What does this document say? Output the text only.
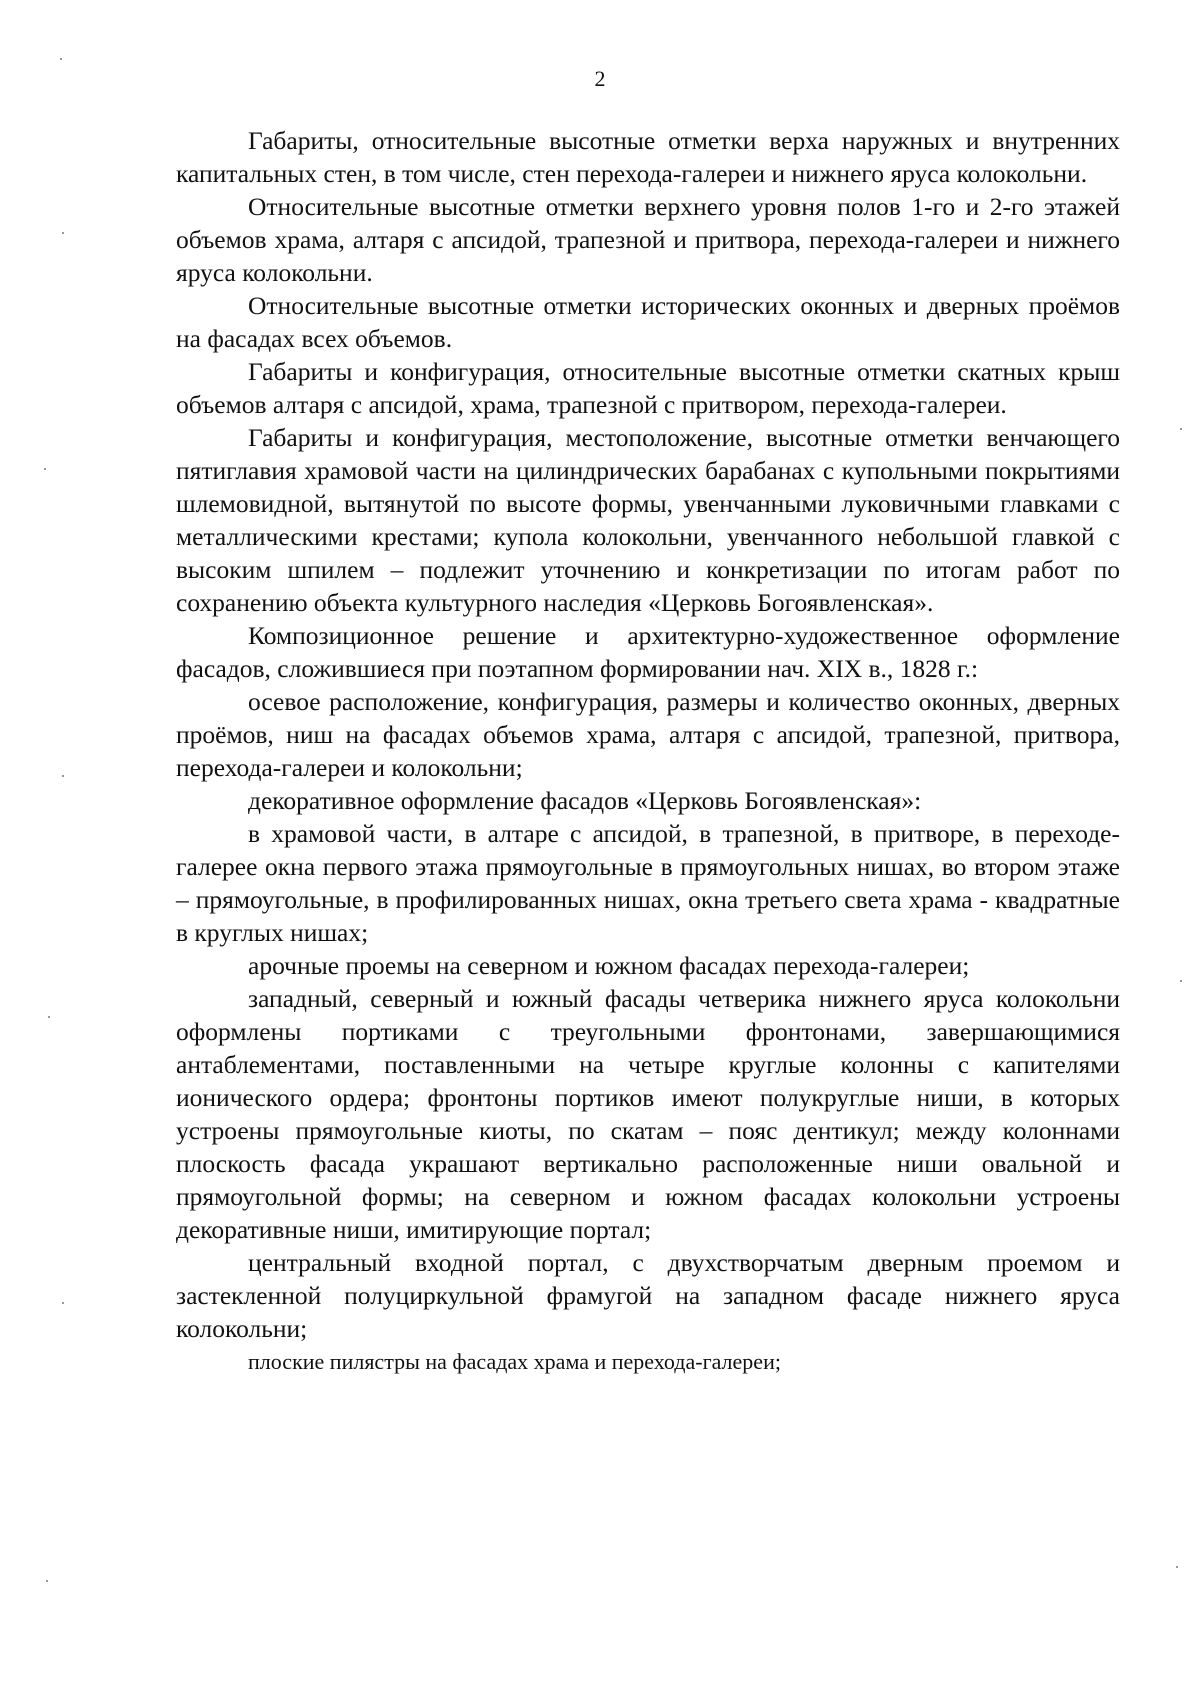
2

Габариты, относительные высотные отметки верха наружных и внутренних капитальных стен, в том числе, стен перехода-галереи и нижнего яруса колокольни.

Относительные высотные отметки верхнего уровня полов 1-го и 2-го этажей объемов храма, алтаря с апсидой, трапезной и притвора, перехода-галереи и нижнего яруса колокольни.

Относительные высотные отметки исторических оконных и дверных проёмов на фасадах всех объемов.

Габариты и конфигурация, относительные высотные отметки скатных крыш объемов алтаря с апсидой, храма, трапезной с притвором, перехода-галереи.

Габариты и конфигурация, местоположение, высотные отметки венчающего пятиглавия храмовой части на цилиндрических барабанах с купольными покрытиями шлемовидной, вытянутой по высоте формы, увенчанными луковичными главками с металлическими крестами; купола колокольни, увенчанного небольшой главкой с высоким шпилем – подлежит уточнению и конкретизации по итогам работ по сохранению объекта культурного наследия «Церковь Богоявленская».

Композиционное решение и архитектурно-художественное оформление фасадов, сложившиеся при поэтапном формировании нач. XIX в., 1828 г.:

осевое расположение, конфигурация, размеры и количество оконных, дверных проёмов, ниш на фасадах объемов храма, алтаря с апсидой, трапезной, притвора, перехода-галереи и колокольни;

декоративное оформление фасадов «Церковь Богоявленская»:

в храмовой части, в алтаре с апсидой, в трапезной, в притворе, в переходе-галерее окна первого этажа прямоугольные в прямоугольных нишах, во втором этаже – прямоугольные, в профилированных нишах, окна третьего света храма - квадратные в круглых нишах;

арочные проемы на северном и южном фасадах перехода-галереи;

западный, северный и южный фасады четверика нижнего яруса колокольни оформлены портиками с треугольными фронтонами, завершающимися антаблементами, поставленными на четыре круглые колонны с капителями ионического ордера; фронтоны портиков имеют полукруглые ниши, в которых устроены прямоугольные киоты, по скатам – пояс дентикул; между колоннами плоскость фасада украшают вертикально расположенные ниши овальной и прямоугольной формы; на северном и южном фасадах колокольни устроены декоративные ниши, имитирующие портал;

центральный входной портал, с двухстворчатым дверным проемом и застекленной полуциркульной фрамугой на западном фасаде нижнего яруса колокольни;

плоские пилястры на фасадах храма и перехода-галереи;
